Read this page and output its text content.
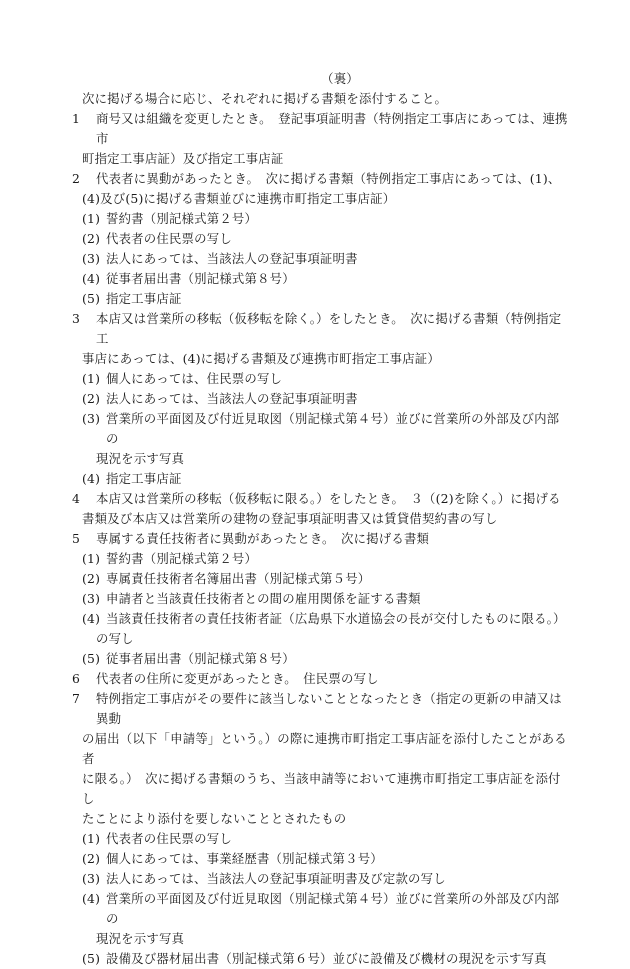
（裏）
次に掲げる場合に応じ、それぞれに掲げる書類を添付すること。
1	商号又は組織を変更したとき。　登記事項証明書（特例指定工事店にあっては、連携市
町指定工事店証）及び指定工事店証
2	代表者に異動があったとき。　次に掲げる書類（特例指定工事店にあっては、(1)、
(4)及び(5)に掲げる書類並びに連携市町指定工事店証）
(1) 誓約書（別記様式第２号）
(2) 代表者の住民票の写し
(3) 法人にあっては、当該法人の登記事項証明書
(4) 従事者届出書（別記様式第８号）
(5) 指定工事店証
3	本店又は営業所の移転（仮移転を除く。）をしたとき。　次に掲げる書類（特例指定工
事店にあっては、(4)に掲げる書類及び連携市町指定工事店証）
(1) 個人にあっては、住民票の写し
(2) 法人にあっては、当該法人の登記事項証明書
(3) 営業所の平面図及び付近見取図（別記様式第４号）並びに営業所の外部及び内部の
現況を示す写真
(4) 指定工事店証
4	本店又は営業所の移転（仮移転に限る。）をしたとき。　３（(2)を除く。）に掲げる
書類及び本店又は営業所の建物の登記事項証明書又は賃貸借契約書の写し
5	専属する責任技術者に異動があったとき。　次に掲げる書類
(1) 誓約書（別記様式第２号）
(2) 専属責任技術者名簿届出書（別記様式第５号）
(3) 申請者と当該責任技術者との間の雇用関係を証する書類
(4) 当該責任技術者の責任技術者証（広島県下水道協会の長が交付したものに限る。）
の写し
(5) 従事者届出書（別記様式第８号）
6	代表者の住所に変更があったとき。　住民票の写し
7	特例指定工事店がその要件に該当しないこととなったとき（指定の更新の申請又は異動
の届出（以下「申請等」という。）の際に連携市町指定工事店証を添付したことがある者
に限る。）　次に掲げる書類のうち、当該申請等において連携市町指定工事店証を添付し
たことにより添付を要しないこととされたもの
(1) 代表者の住民票の写し
(2) 個人にあっては、事業経歴書（別記様式第３号）
(3) 法人にあっては、当該法人の登記事項証明書及び定款の写し
(4) 営業所の平面図及び付近見取図（別記様式第４号）並びに営業所の外部及び内部の
現況を示す写真
(5) 設備及び器材届出書（別記様式第６号）並びに設備及び機材の現況を示す写真
